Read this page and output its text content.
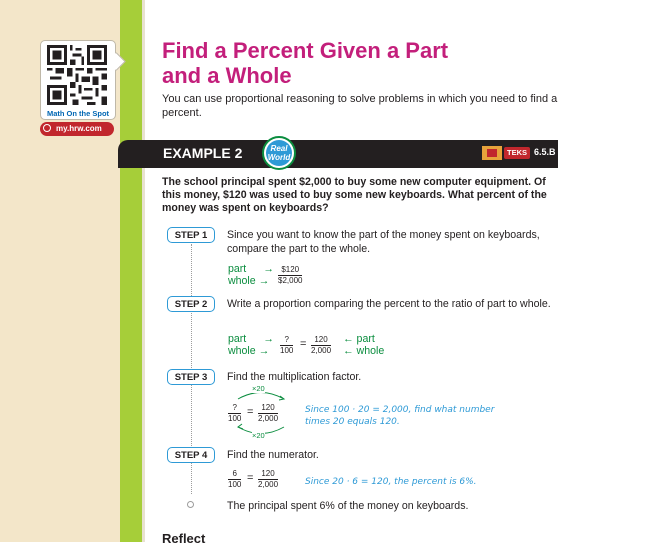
Math On the Spot
my.hrw.com
Find a Percent Given a Part
and a Whole

You can use proportional reasoning to solve problems in which you need to find a percent.

EXAMPLE 2	Real
World
TEKS 6.5.B

The school principal spent $2,000 to buy some new computer equipment. Of this money, $120 was used to buy some new keyboards. What percent of the money was spent on keyboards?

STEP 1	Since you want to know the part of the money spent on keyboards, compare the part to the whole.

part →
whole →	$\frac{\$120}{\$2,000}$
STEP 2	Write a proportion comparing the percent to the ratio of part to whole.

part →
whole →
?
100
= $\frac{120}{2,000}$ ← part
← whole
STEP 3	Find the multiplication factor.

×20
×20
?
100
= $\frac{120}{2,000}$	Since 100 · 20 = 2,000, find what number
times 20 equals 120.
STEP 4	Find the numerator.

$\frac{6}{100} = \frac{120}{2,000}$	Since 20 · 6 = 120, the percent is 6%.

The principal spent 6% of the money on keyboards.

Reflect
